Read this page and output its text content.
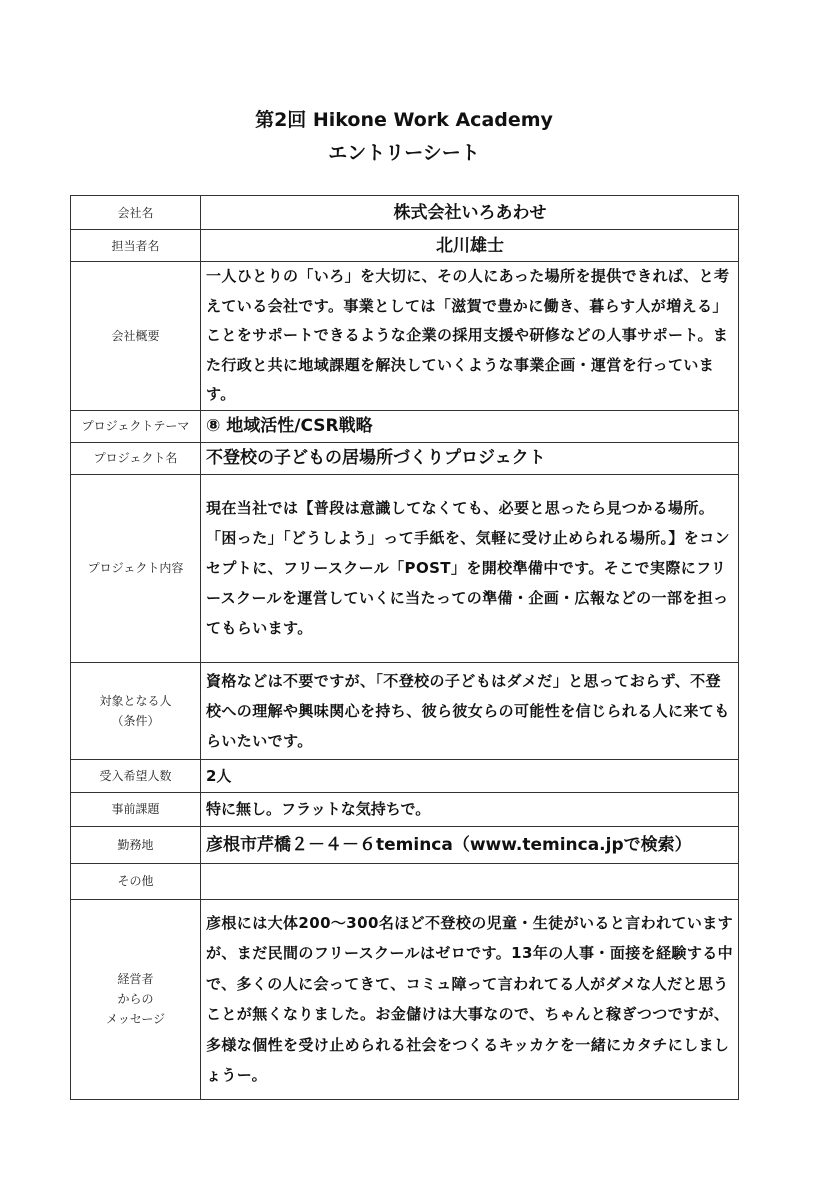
第2回 Hikone Work Academy
エントリーシート
会社名	株式会社いろあわせ
担当者名	北川雄士
会社概要	一人ひとりの「いろ」を大切に、その人にあった場所を提供できれば、と考えている会社です。事業としては「滋賀で豊かに働き、暮らす人が増える」ことをサポートできるような企業の採用支援や研修などの人事サポート。また行政と共に地域課題を解決していくような事業企画・運営を行っています。
プロジェクトテーマ	⑧ 地域活性/CSR戦略
プロジェクト名	不登校の子どもの居場所づくりプロジェクト
プロジェクト内容	現在当社では【普段は意識してなくても、必要と思ったら見つかる場所。「困った」「どうしよう」って手紙を、気軽に受け止められる場所。】をコンセプトに、フリースクール「POST」を開校準備中です。そこで実際にフリースクールを運営していくに当たっての準備・企画・広報などの一部を担ってもらいます。

対象となる人
（条件）	資格などは不要ですが、「不登校の子どもはダメだ」と思っておらず、不登校への理解や興味関心を持ち、彼ら彼女らの可能性を信じられる人に来てもらいたいです。
受入希望人数	2人
事前課題	特に無し。フラットな気持ちで。
勤務地	彦根市芹橋２－４－６teminca（www.teminca.jpで検索）
その他	

経営者
からの
メッセージ	彦根には大体200〜300名ほど不登校の児童・生徒がいると言われていますが、まだ民間のフリースクールはゼロです。13年の人事・面接を経験する中で、多くの人に会ってきて、コミュ障って言われてる人がダメな人だと思うことが無くなりました。お金儲けは大事なので、ちゃんと稼ぎつつですが、多様な個性を受け止められる社会をつくるキッカケを一緒にカタチにしましょうー。
